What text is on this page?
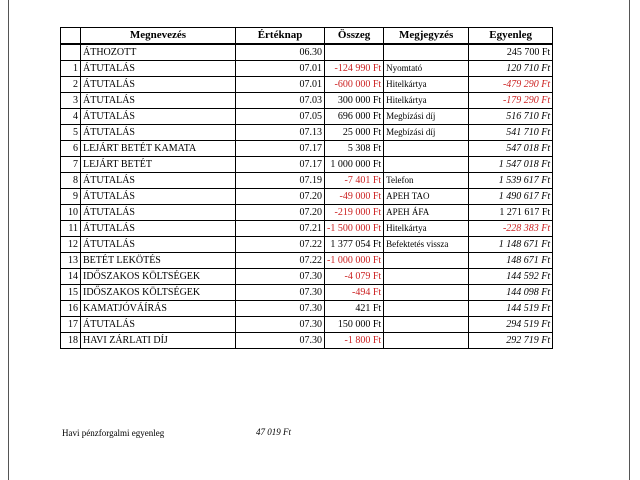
	Megnevezés	Értéknap	Összeg	Megjegyzés	Egyenleg
	ÁTHOZOTT	06.30			245 700 Ft
1	ÁTUTALÁS	07.01	-124 990 Ft	Nyomtató	120 710 Ft
2	ÁTUTALÁS	07.01	-600 000 Ft	Hitelkártya	-479 290 Ft
3	ÁTUTALÁS	07.03	300 000 Ft	Hitelkártya	-179 290 Ft
4	ÁTUTALÁS	07.05	696 000 Ft	Megbízási díj	516 710 Ft
5	ÁTUTALÁS	07.13	25 000 Ft	Megbízási díj	541 710 Ft
6	LEJÁRT BETÉT KAMATA	07.17	5 308 Ft		547 018 Ft
7	LEJÁRT BETÉT	07.17	1 000 000 Ft		1 547 018 Ft
8	ÁTUTALÁS	07.19	-7 401 Ft	Telefon	1 539 617 Ft
9	ÁTUTALÁS	07.20	-49 000 Ft	APEH TAO	1 490 617 Ft
10	ÁTUTALÁS	07.20	-219 000 Ft	APEH ÁFA	1 271 617 Ft
11	ÁTUTALÁS	07.21	-1 500 000 Ft	Hitelkártya	-228 383 Ft
12	ÁTUTALÁS	07.22	1 377 054 Ft	Befektetés vissza	1 148 671 Ft
13	BETÉT LEKÖTÉS	07.22	-1 000 000 Ft		148 671 Ft
14	IDŐSZAKOS KÖLTSÉGEK	07.30	-4 079 Ft		144 592 Ft
15	IDŐSZAKOS KÖLTSÉGEK	07.30	-494 Ft		144 098 Ft
16	KAMATJÓVÁÍRÁS	07.30	421 Ft		144 519 Ft
17	ÁTUTALÁS	07.30	150 000 Ft		294 519 Ft
18	HAVI ZÁRLATI DÍJ	07.30	-1 800 Ft		292 719 Ft
Havi pénzforgalmi egyenleg	47 019 Ft
